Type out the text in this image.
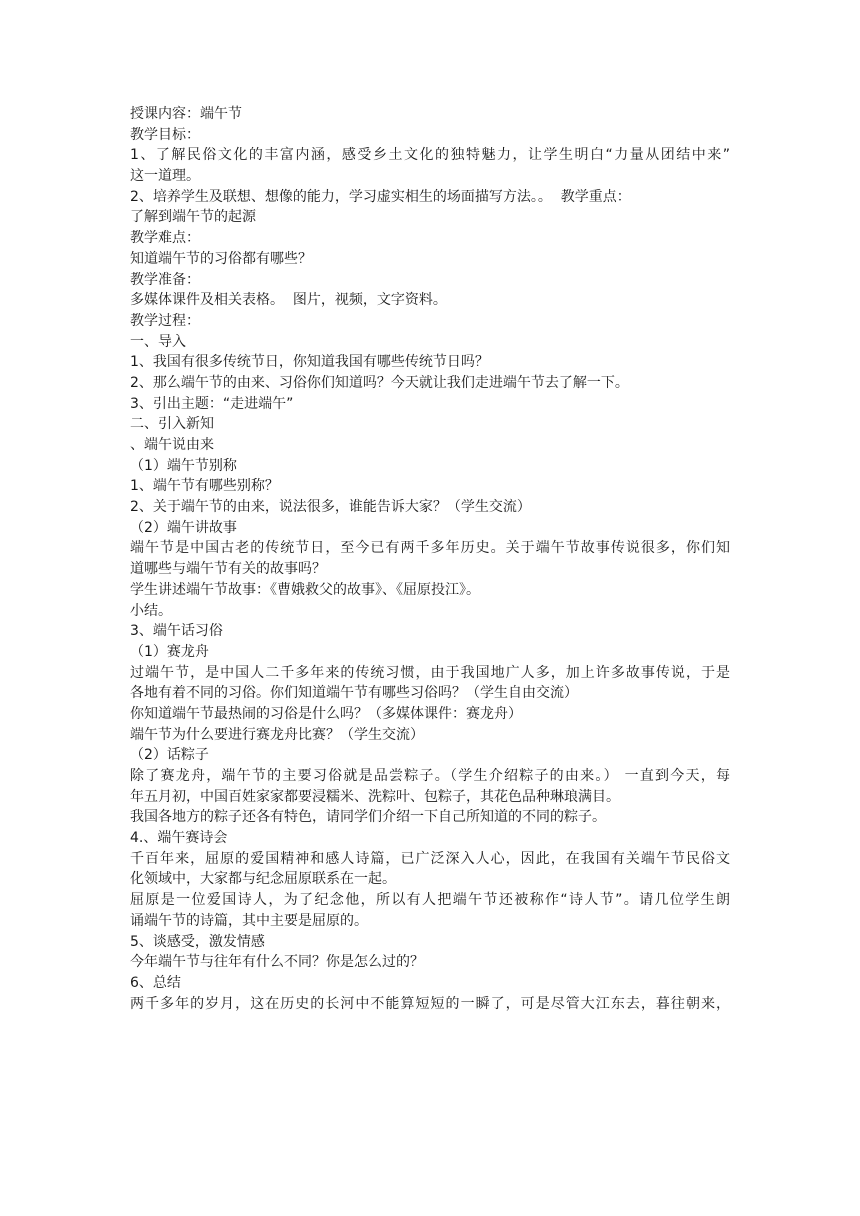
授课内容：端午节
教学目标：
1、了解民俗文化的丰富内涵，感受乡土文化的独特魅力，让学生明白“力量从团结中来”
这一道理。
2、培养学生及联想、想像的能力，学习虚实相生的场面描写方法。。  教学重点：
了解到端午节的起源
教学难点：
知道端午节的习俗都有哪些？
教学准备：
多媒体课件及相关表格。  图片，视频，文字资料。
教学过程：
一、导入
1、我国有很多传统节日，你知道我国有哪些传统节日吗？
2、那么端午节的由来、习俗你们知道吗？今天就让我们走进端午节去了解一下。
3、引出主题：“走进端午”
二、引入新知
、端午说由来
（1）端午节别称
1、端午节有哪些别称？
2、关于端午节的由来，说法很多，谁能告诉大家？（学生交流）
（2）端午讲故事
端午节是中国古老的传统节日，至今已有两千多年历史。关于端午节故事传说很多，你们知
道哪些与端午节有关的故事吗？
学生讲述端午节故事：《曹娥救父的故事》、《屈原投江》。
小结。
3、端午话习俗
（1）赛龙舟
过端午节，是中国人二千多年来的传统习惯，由于我国地广人多，加上许多故事传说，于是
各地有着不同的习俗。你们知道端午节有哪些习俗吗？（学生自由交流）
你知道端午节最热闹的习俗是什么吗？（多媒体课件：赛龙舟）
端午节为什么要进行赛龙舟比赛？（学生交流）
（2）话粽子
除了赛龙舟，端午节的主要习俗就是品尝粽子。（学生介绍粽子的由来。） 一直到今天，每
年五月初，中国百姓家家都要浸糯米、洗粽叶、包粽子，其花色品种琳琅满目。
我国各地方的粽子还各有特色，请同学们介绍一下自己所知道的不同的粽子。
4.、端午赛诗会
千百年来，屈原的爱国精神和感人诗篇，已广泛深入人心，因此，在我国有关端午节民俗文
化领域中，大家都与纪念屈原联系在一起。
屈原是一位爱国诗人，为了纪念他，所以有人把端午节还被称作“诗人节”。请几位学生朗
诵端午节的诗篇，其中主要是屈原的。
5、谈感受，激发情感
今年端午节与往年有什么不同？你是怎么过的？
6、总结
两千多年的岁月，这在历史的长河中不能算短短的一瞬了，可是尽管大江东去，暮往朝来，
